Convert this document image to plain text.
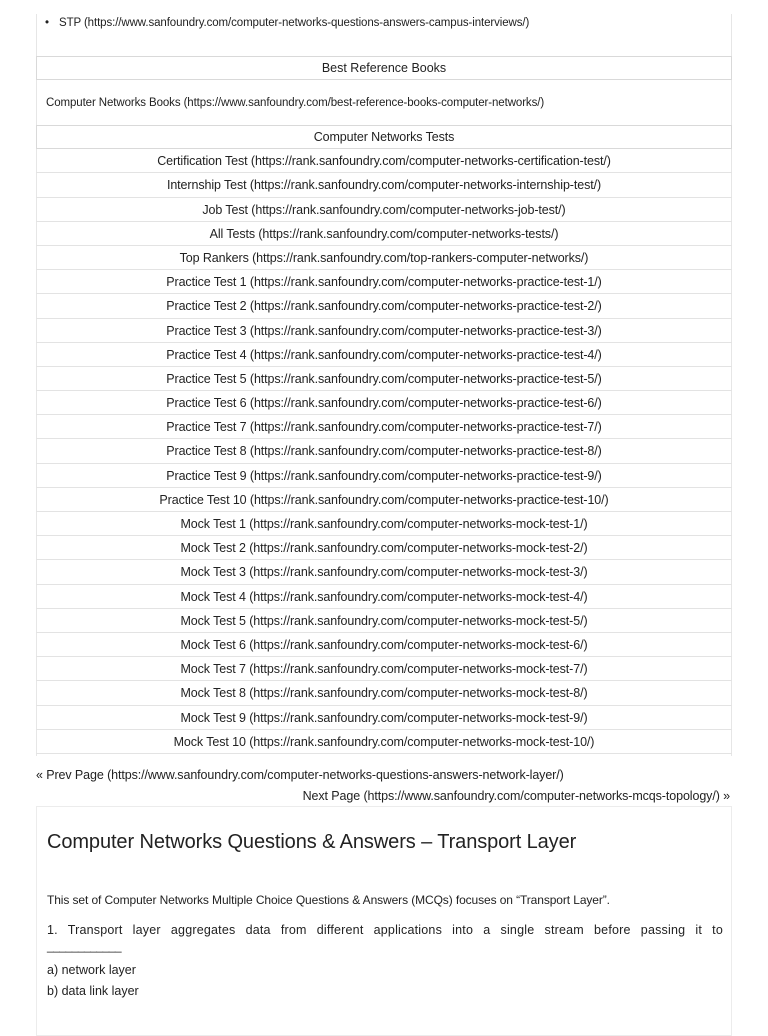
• STP (https://www.sanfoundry.com/computer-networks-questions-answers-campus-interviews/)
Best Reference Books
Computer Networks Books (https://www.sanfoundry.com/best-reference-books-computer-networks/)
Computer Networks Tests
Certification Test (https://rank.sanfoundry.com/computer-networks-certification-test/)
Internship Test (https://rank.sanfoundry.com/computer-networks-internship-test/)
Job Test (https://rank.sanfoundry.com/computer-networks-job-test/)
All Tests (https://rank.sanfoundry.com/computer-networks-tests/)
Top Rankers (https://rank.sanfoundry.com/top-rankers-computer-networks/)
Practice Test 1 (https://rank.sanfoundry.com/computer-networks-practice-test-1/)
Practice Test 2 (https://rank.sanfoundry.com/computer-networks-practice-test-2/)
Practice Test 3 (https://rank.sanfoundry.com/computer-networks-practice-test-3/)
Practice Test 4 (https://rank.sanfoundry.com/computer-networks-practice-test-4/)
Practice Test 5 (https://rank.sanfoundry.com/computer-networks-practice-test-5/)
Practice Test 6 (https://rank.sanfoundry.com/computer-networks-practice-test-6/)
Practice Test 7 (https://rank.sanfoundry.com/computer-networks-practice-test-7/)
Practice Test 8 (https://rank.sanfoundry.com/computer-networks-practice-test-8/)
Practice Test 9 (https://rank.sanfoundry.com/computer-networks-practice-test-9/)
Practice Test 10 (https://rank.sanfoundry.com/computer-networks-practice-test-10/)
Mock Test 1 (https://rank.sanfoundry.com/computer-networks-mock-test-1/)
Mock Test 2 (https://rank.sanfoundry.com/computer-networks-mock-test-2/)
Mock Test 3 (https://rank.sanfoundry.com/computer-networks-mock-test-3/)
Mock Test 4 (https://rank.sanfoundry.com/computer-networks-mock-test-4/)
Mock Test 5 (https://rank.sanfoundry.com/computer-networks-mock-test-5/)
Mock Test 6 (https://rank.sanfoundry.com/computer-networks-mock-test-6/)
Mock Test 7 (https://rank.sanfoundry.com/computer-networks-mock-test-7/)
Mock Test 8 (https://rank.sanfoundry.com/computer-networks-mock-test-8/)
Mock Test 9 (https://rank.sanfoundry.com/computer-networks-mock-test-9/)
Mock Test 10 (https://rank.sanfoundry.com/computer-networks-mock-test-10/)
« Prev Page (https://www.sanfoundry.com/computer-networks-questions-answers-network-layer/)
Next Page (https://www.sanfoundry.com/computer-networks-mcqs-topology/) »
Computer Networks Questions & Answers – Transport Layer
This set of Computer Networks Multiple Choice Questions & Answers (MCQs) focuses on “Transport Layer”.
1. Transport layer aggregates data from different applications into a single stream before passing it to
____________
a) network layer
b) data link layer
